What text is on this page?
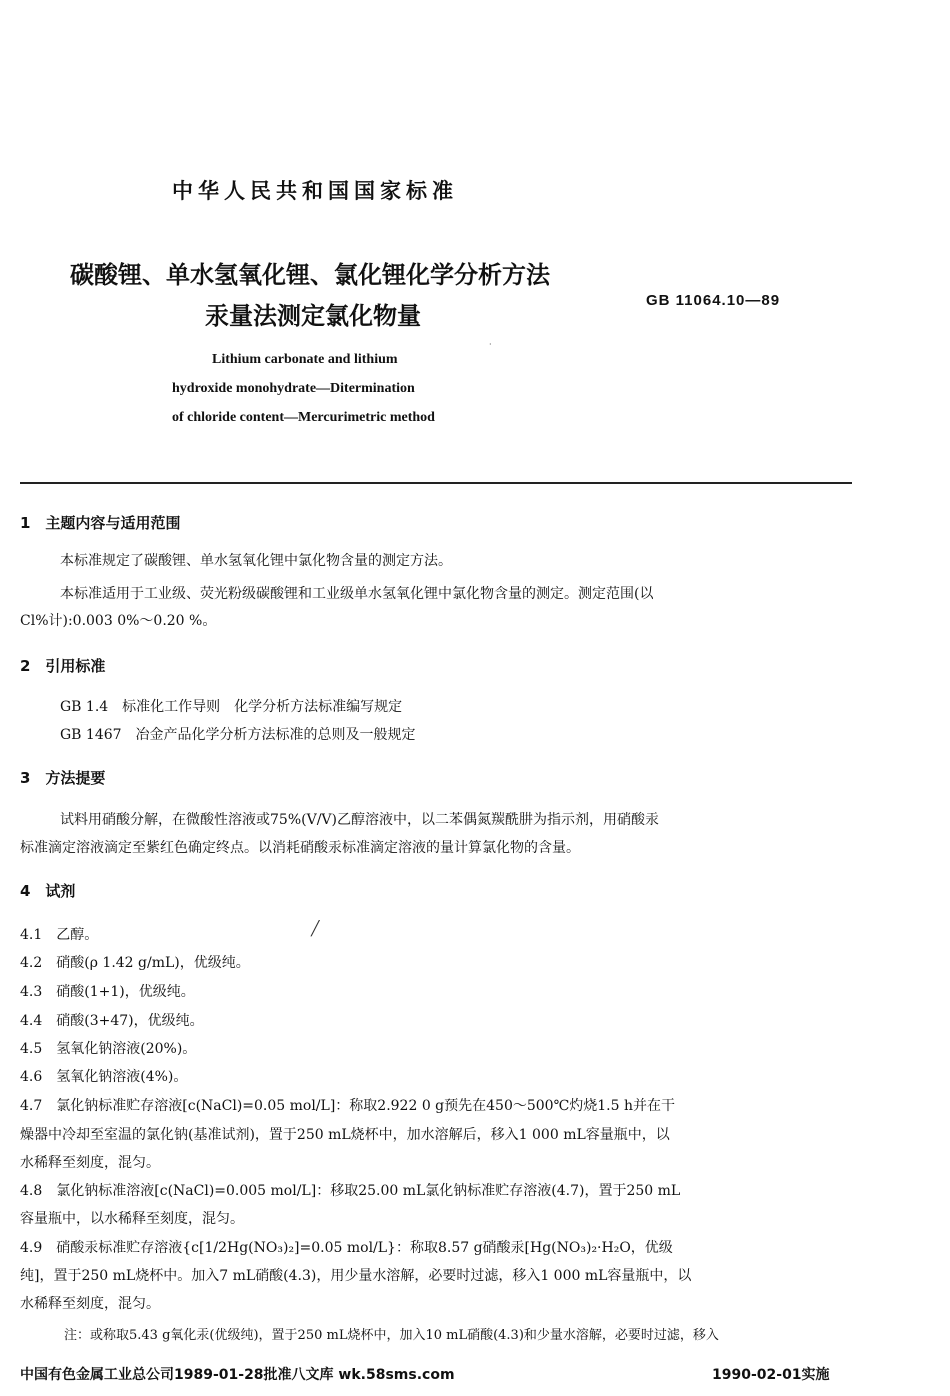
中华人民共和国国家标准
碳酸锂、单水氢氧化锂、氯化锂化学分析方法
汞量法测定氯化物量
GB 11064.10—89
Lithium carbonate and lithium
hydroxide monohydrate—Ditermination
of chloride content—Mercurimetric method
·
1　主题内容与适用范围
本标准规定了碳酸锂、单水氢氧化锂中氯化物含量的测定方法。
本标准适用于工业级、荧光粉级碳酸锂和工业级单水氢氧化锂中氯化物含量的测定。测定范围(以
Cl%计):0.003 0%～0.20 %。
2　引用标准
GB 1.4　标准化工作导则　化学分析方法标准编写规定
GB 1467　冶金产品化学分析方法标准的总则及一般规定
3　方法提要
试料用硝酸分解，在微酸性溶液或75%(V/V)乙醇溶液中，以二苯偶氮羰酰肼为指示剂，用硝酸汞
标准滴定溶液滴定至紫红色确定终点。以消耗硝酸汞标准滴定溶液的量计算氯化物的含量。
4　试剂
4.1　乙醇。	╱
4.2　硝酸(ρ 1.42 g/mL)，优级纯。
4.3　硝酸(1+1)，优级纯。
4.4　硝酸(3+47)，优级纯。
4.5　氢氧化钠溶液(20%)。
4.6　氢氧化钠溶液(4%)。
4.7　氯化钠标准贮存溶液[c(NaCl)=0.05 mol/L]：称取2.922 0 g预先在450～500℃灼烧1.5 h并在干
燥器中冷却至室温的氯化钠(基准试剂)，置于250 mL烧杯中，加水溶解后，移入1 000 mL容量瓶中，以
水稀释至刻度，混匀。
4.8　氯化钠标准溶液[c(NaCl)=0.005 mol/L]：移取25.00 mL氯化钠标准贮存溶液(4.7)，置于250 mL
容量瓶中，以水稀释至刻度，混匀。
4.9　硝酸汞标准贮存溶液{c[1/2Hg(NO₃)₂]=0.05 mol/L}：称取8.57 g硝酸汞[Hg(NO₃)₂·H₂O，优级
纯]，置于250 mL烧杯中。加入7 mL硝酸(4.3)，用少量水溶解，必要时过滤，移入1 000 mL容量瓶中，以
水稀释至刻度，混匀。
注：或称取5.43 g氧化汞(优级纯)，置于250 mL烧杯中，加入10 mL硝酸(4.3)和少量水溶解，必要时过滤，移入
中国有色金属工业总公司1989-01-28批准八文库 wk.58sms.com	1990-02-01实施
